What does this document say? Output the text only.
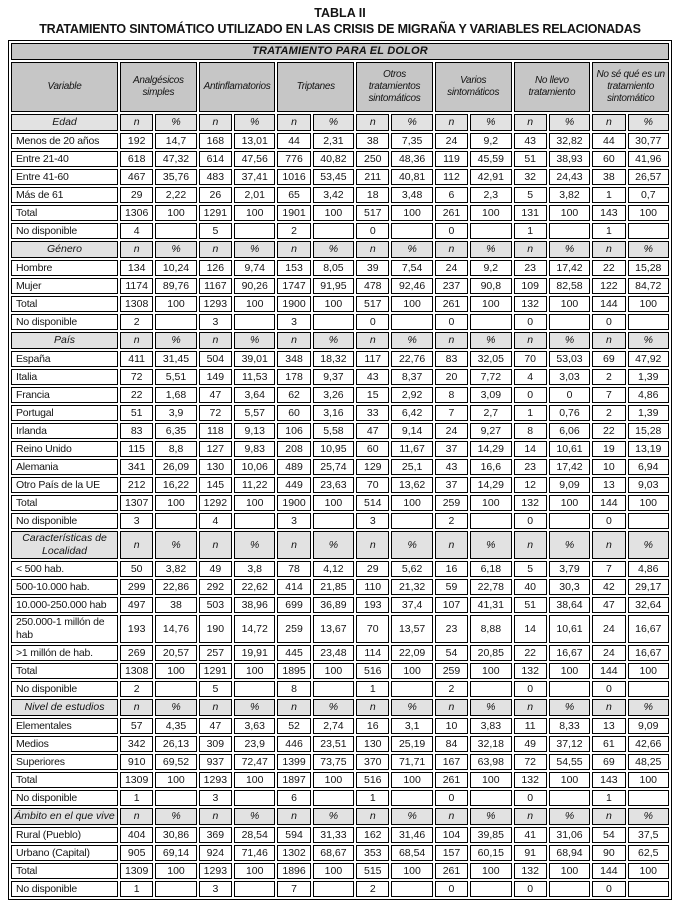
TABLA II
TRATAMIENTO SINTOMÁTICO UTILIZADO EN LAS CRISIS DE MIGRAÑA Y VARIABLES RELACIONADAS
TRATAMIENTO PARA EL DOLOR														
Variable	Analgésicos simples		Antinflamatorios		Triptanes		Otros tratamientos sintomáticos		Varios sintomáticos		No llevo tratamiento		No sé qué es un tratamiento sintomático	
Edad	n	%	n	%	n	%	n	%	n	%	n	%	n	%
Menos de 20 años	192	14,7	168	13,01	44	2,31	38	7,35	24	9,2	43	32,82	44	30,77
Entre 21-40	618	47,32	614	47,56	776	40,82	250	48,36	119	45,59	51	38,93	60	41,96
Entre 41-60	467	35,76	483	37,41	1016	53,45	211	40,81	112	42,91	32	24,43	38	26,57
Más de 61	29	2,22	26	2,01	65	3,42	18	3,48	6	2,3	5	3,82	1	0,7
Total	1306	100	1291	100	1901	100	517	100	261	100	131	100	143	100
No disponible	4		5		2		0		0		1		1	
Género	n	%	n	%	n	%	n	%	n	%	n	%	n	%
Hombre	134	10,24	126	9,74	153	8,05	39	7,54	24	9,2	23	17,42	22	15,28
Mujer	1174	89,76	1167	90,26	1747	91,95	478	92,46	237	90,8	109	82,58	122	84,72
Total	1308	100	1293	100	1900	100	517	100	261	100	132	100	144	100
No disponible	2		3		3		0		0		0		0	
País	n	%	n	%	n	%	n	%	n	%	n	%	n	%
España	411	31,45	504	39,01	348	18,32	117	22,76	83	32,05	70	53,03	69	47,92
Italia	72	5,51	149	11,53	178	9,37	43	8,37	20	7,72	4	3,03	2	1,39
Francia	22	1,68	47	3,64	62	3,26	15	2,92	8	3,09	0	0	7	4,86
Portugal	51	3,9	72	5,57	60	3,16	33	6,42	7	2,7	1	0,76	2	1,39
Irlanda	83	6,35	118	9,13	106	5,58	47	9,14	24	9,27	8	6,06	22	15,28
Reino Unido	115	8,8	127	9,83	208	10,95	60	11,67	37	14,29	14	10,61	19	13,19
Alemania	341	26,09	130	10,06	489	25,74	129	25,1	43	16,6	23	17,42	10	6,94
Otro País de la UE	212	16,22	145	11,22	449	23,63	70	13,62	37	14,29	12	9,09	13	9,03
Total	1307	100	1292	100	1900	100	514	100	259	100	132	100	144	100
No disponible	3		4		3		3		2		0		0	
Características de Localidad	n	%	n	%	n	%	n	%	n	%	n	%	n	%
< 500 hab.	50	3,82	49	3,8	78	4,12	29	5,62	16	6,18	5	3,79	7	4,86
500-10.000 hab.	299	22,86	292	22,62	414	21,85	110	21,32	59	22,78	40	30,3	42	29,17
10.000-250.000 hab	497	38	503	38,96	699	36,89	193	37,4	107	41,31	51	38,64	47	32,64
250.000-1 millón de hab	193	14,76	190	14,72	259	13,67	70	13,57	23	8,88	14	10,61	24	16,67
>1 millón de hab.	269	20,57	257	19,91	445	23,48	114	22,09	54	20,85	22	16,67	24	16,67
Total	1308	100	1291	100	1895	100	516	100	259	100	132	100	144	100
No disponible	2		5		8		1		2		0		0	
Nivel de estudios	n	%	n	%	n	%	n	%	n	%	n	%	n	%
Elementales	57	4,35	47	3,63	52	2,74	16	3,1	10	3,83	11	8,33	13	9,09
Medios	342	26,13	309	23,9	446	23,51	130	25,19	84	32,18	49	37,12	61	42,66
Superiores	910	69,52	937	72,47	1399	73,75	370	71,71	167	63,98	72	54,55	69	48,25
Total	1309	100	1293	100	1897	100	516	100	261	100	132	100	143	100
No disponible	1		3		6		1		0		0		1	
Ámbito en el que vive	n	%	n	%	n	%	n	%	n	%	n	%	n	%
Rural (Pueblo)	404	30,86	369	28,54	594	31,33	162	31,46	104	39,85	41	31,06	54	37,5
Urbano (Capital)	905	69,14	924	71,46	1302	68,67	353	68,54	157	60,15	91	68,94	90	62,5
Total	1309	100	1293	100	1896	100	515	100	261	100	132	100	144	100
No disponible	1		3		7		2		0		0		0	
